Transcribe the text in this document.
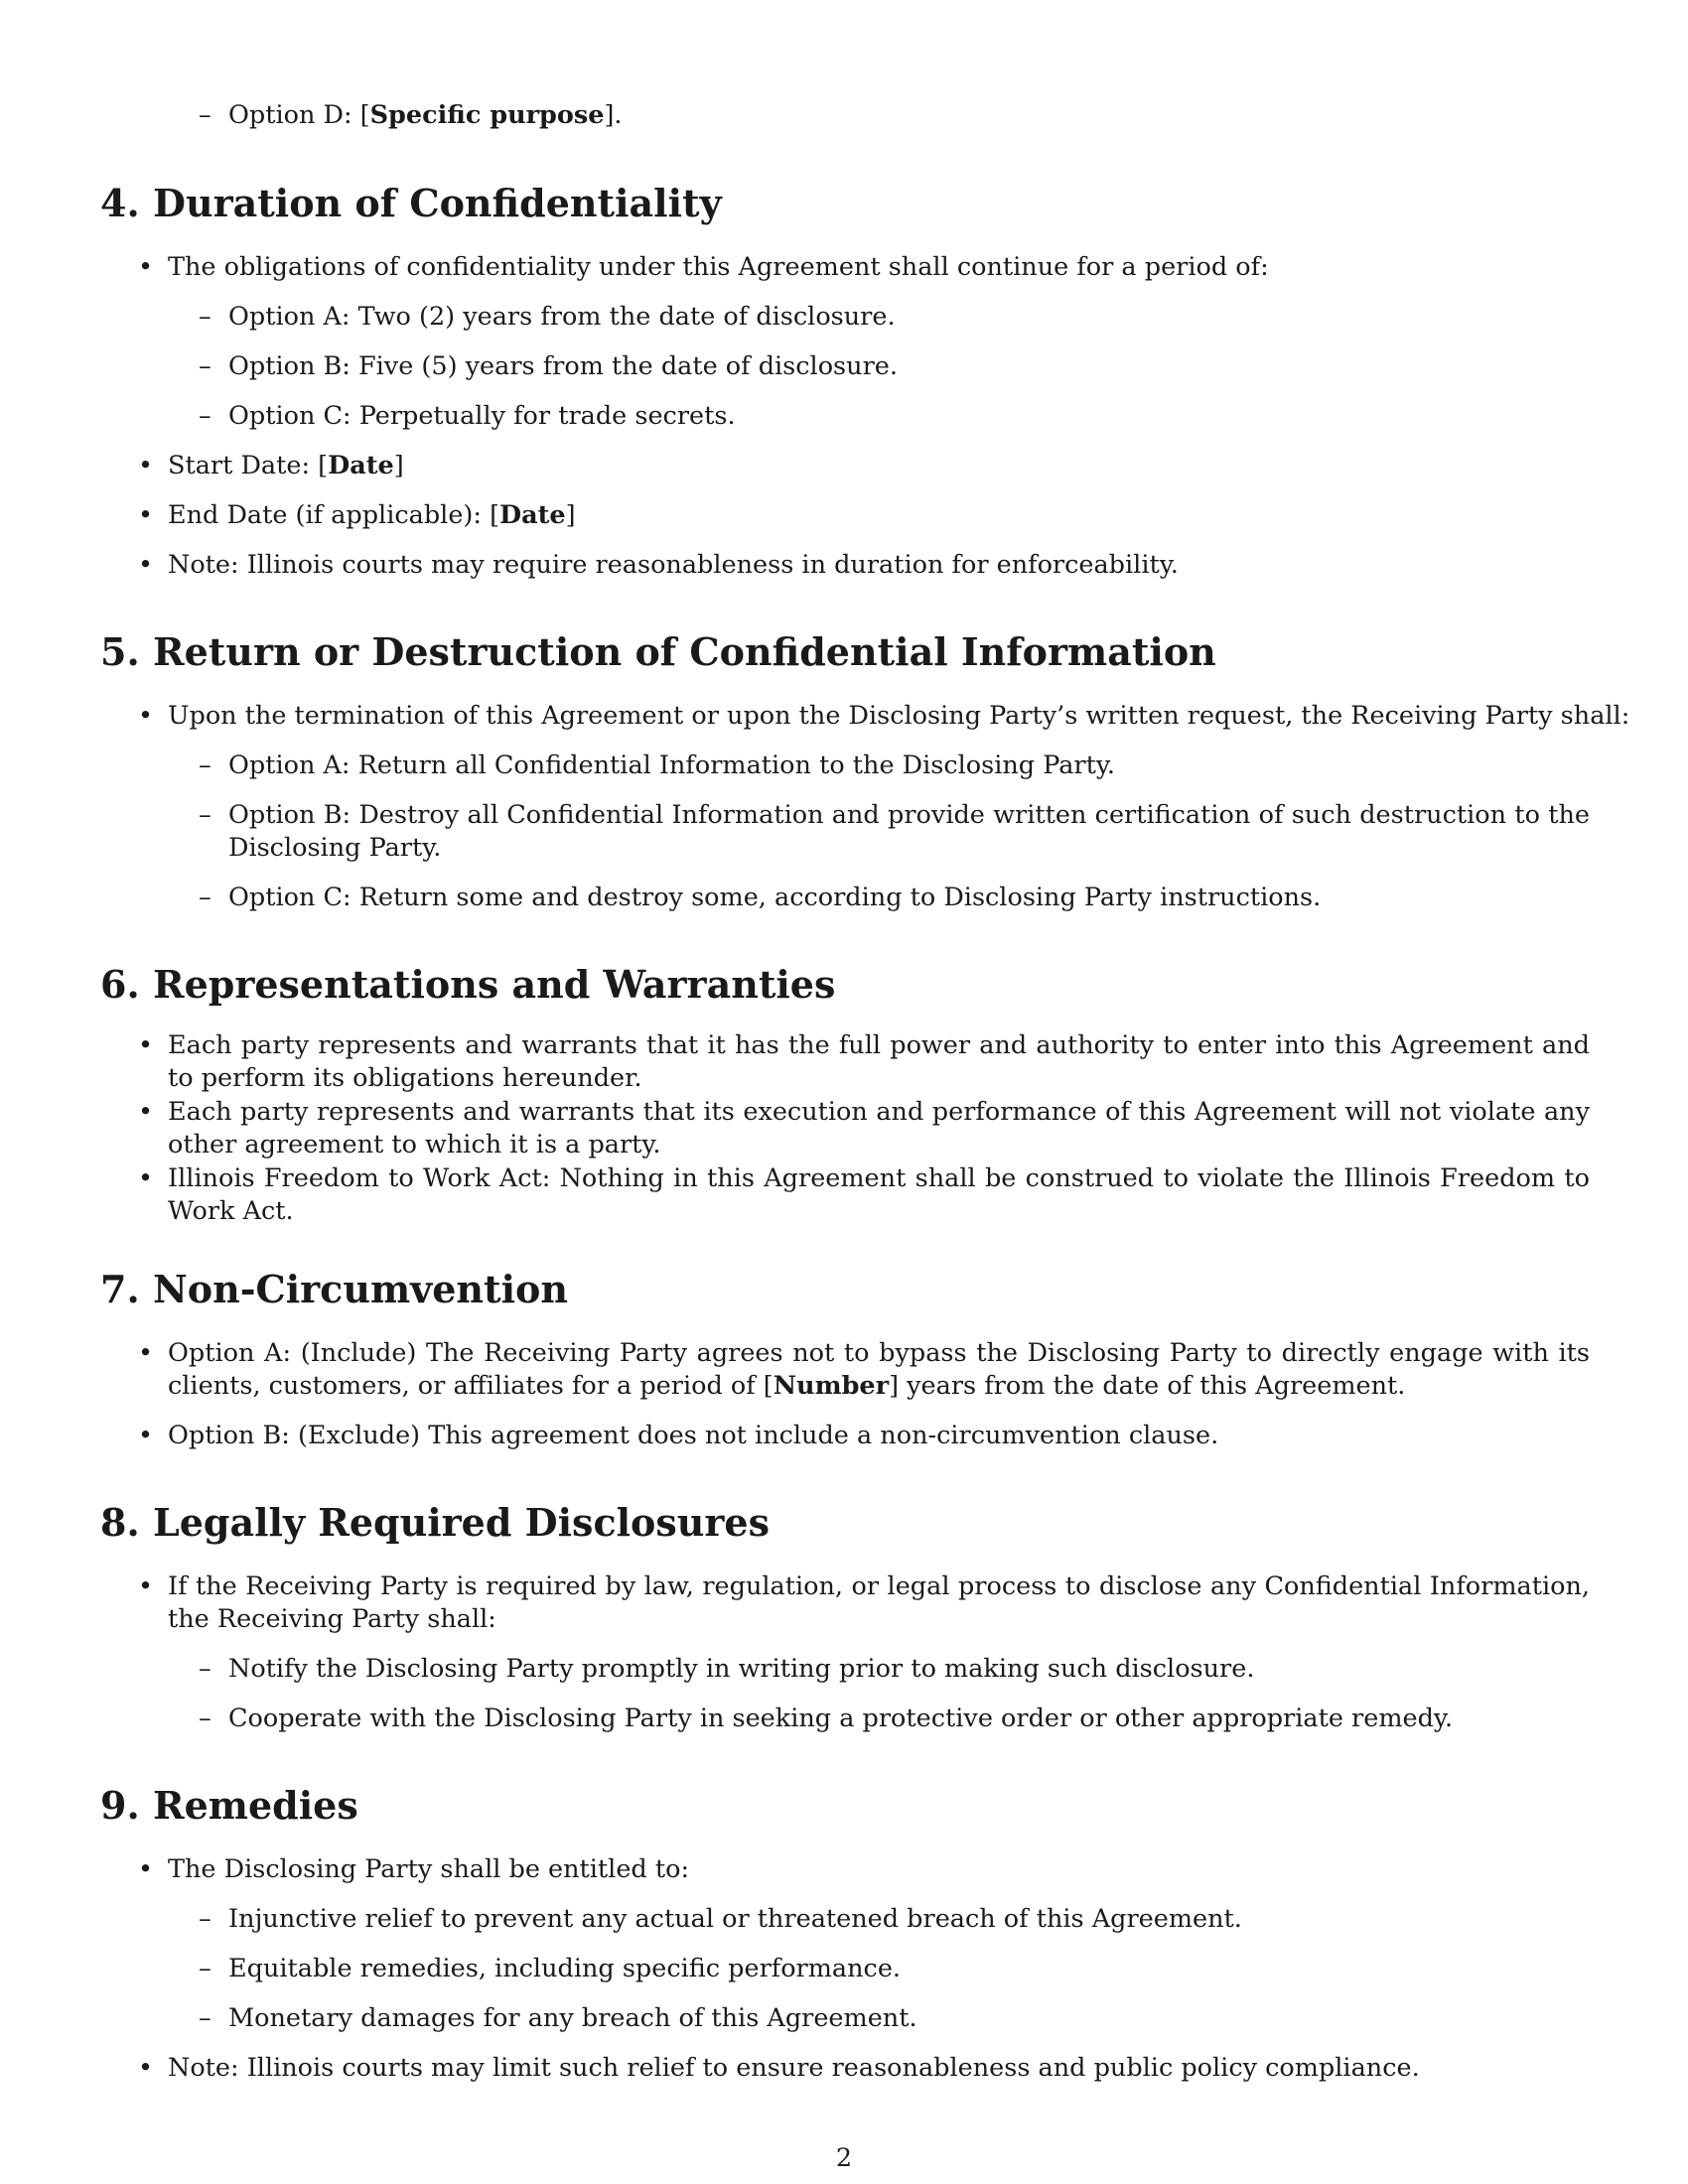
– Option D: [Specific purpose].
4. Duration of Confidentiality
• The obligations of confidentiality under this Agreement shall continue for a period of:
– Option A: Two (2) years from the date of disclosure.
– Option B: Five (5) years from the date of disclosure.
– Option C: Perpetually for trade secrets.
• Start Date: [Date]
• End Date (if applicable): [Date]
• Note: Illinois courts may require reasonableness in duration for enforceability.
5. Return or Destruction of Confidential Information
• Upon the termination of this Agreement or upon the Disclosing Party’s written request, the Receiving Party shall:
– Option A: Return all Confidential Information to the Disclosing Party.
– Option B: Destroy all Confidential Information and provide written certification of such destruction to the Disclosing Party.
– Option C: Return some and destroy some, according to Disclosing Party instructions.
6. Representations and Warranties
• Each party represents and warrants that it has the full power and authority to enter into this Agreement and to perform its obligations hereunder.
• Each party represents and warrants that its execution and performance of this Agreement will not violate any other agreement to which it is a party.
• Illinois Freedom to Work Act: Nothing in this Agreement shall be construed to violate the Illinois Freedom to Work Act.
7. Non-Circumvention
• Option A: (Include) The Receiving Party agrees not to bypass the Disclosing Party to directly engage with its clients, customers, or affiliates for a period of [Number] years from the date of this Agreement.
• Option B: (Exclude) This agreement does not include a non-circumvention clause.
8. Legally Required Disclosures
• If the Receiving Party is required by law, regulation, or legal process to disclose any Confidential Information, the Receiving Party shall:
– Notify the Disclosing Party promptly in writing prior to making such disclosure.
– Cooperate with the Disclosing Party in seeking a protective order or other appropriate remedy.
9. Remedies
• The Disclosing Party shall be entitled to:
– Injunctive relief to prevent any actual or threatened breach of this Agreement.
– Equitable remedies, including specific performance.
– Monetary damages for any breach of this Agreement.
• Note: Illinois courts may limit such relief to ensure reasonableness and public policy compliance.
2
